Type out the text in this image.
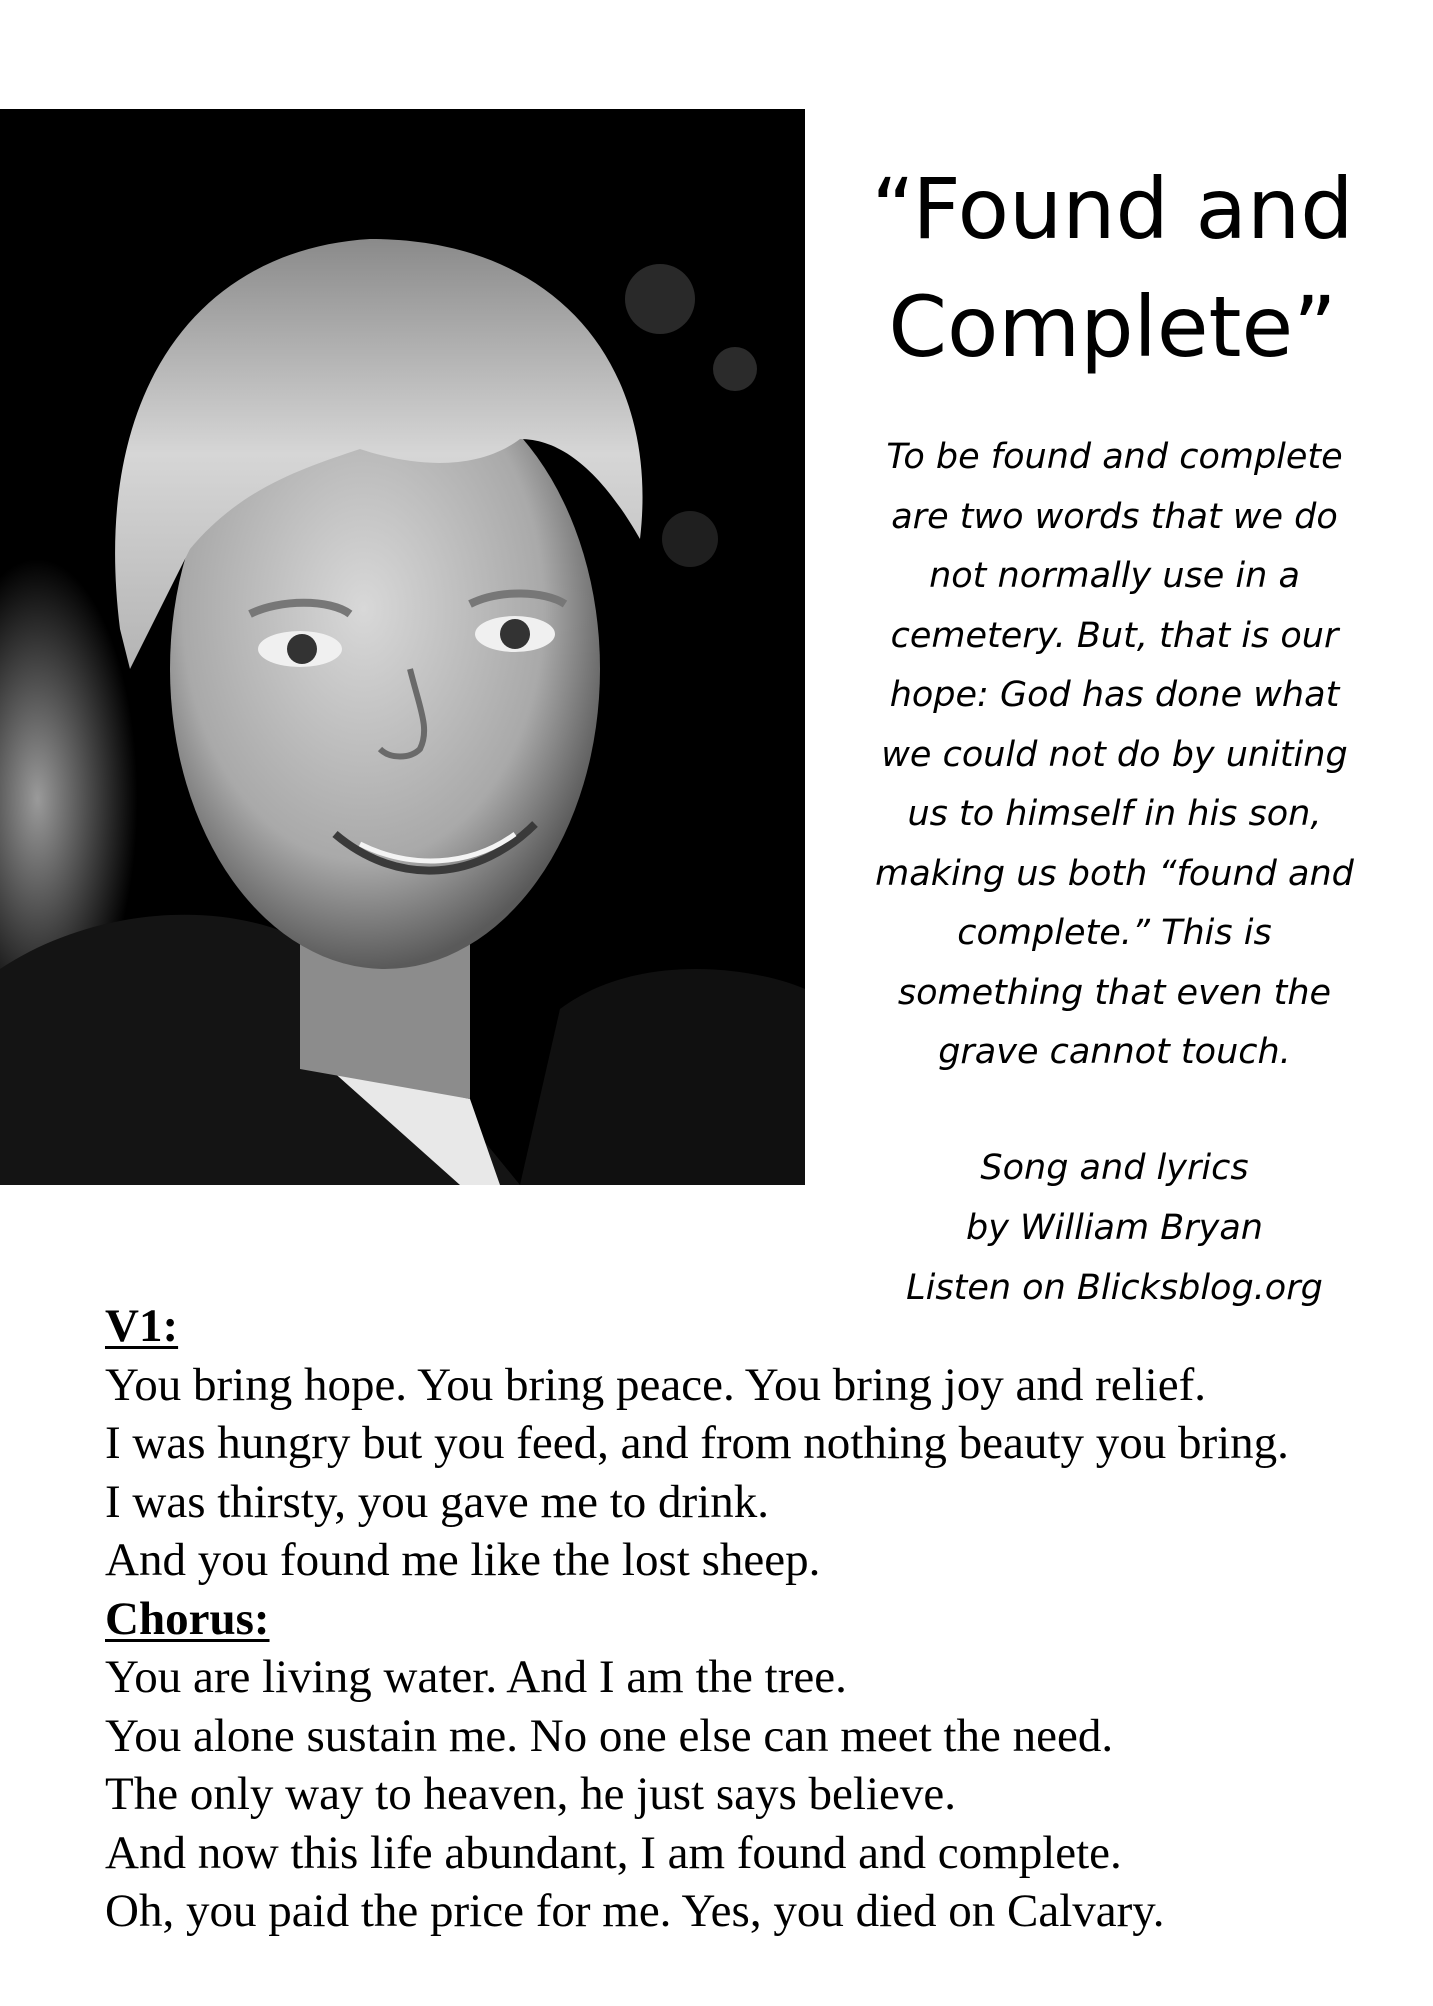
“Found and
Complete”

To be found and complete
are two words that we do
not normally use in a
cemetery. But, that is our
hope: God has done what
we could not do by uniting
us to himself in his son,
making us both “found and
complete.” This is
something that even the
grave cannot touch.

Song and lyrics
by William Bryan
Listen on Blicksblog.org

V1:
You bring hope. You bring peace. You bring joy and relief.
I was hungry but you feed, and from nothing beauty you bring.
I was thirsty, you gave me to drink.
And you found me like the lost sheep.
Chorus:
You are living water. And I am the tree.
You alone sustain me. No one else can meet the need.
The only way to heaven, he just says believe.
And now this life abundant, I am found and complete.
Oh, you paid the price for me. Yes, you died on Calvary.
